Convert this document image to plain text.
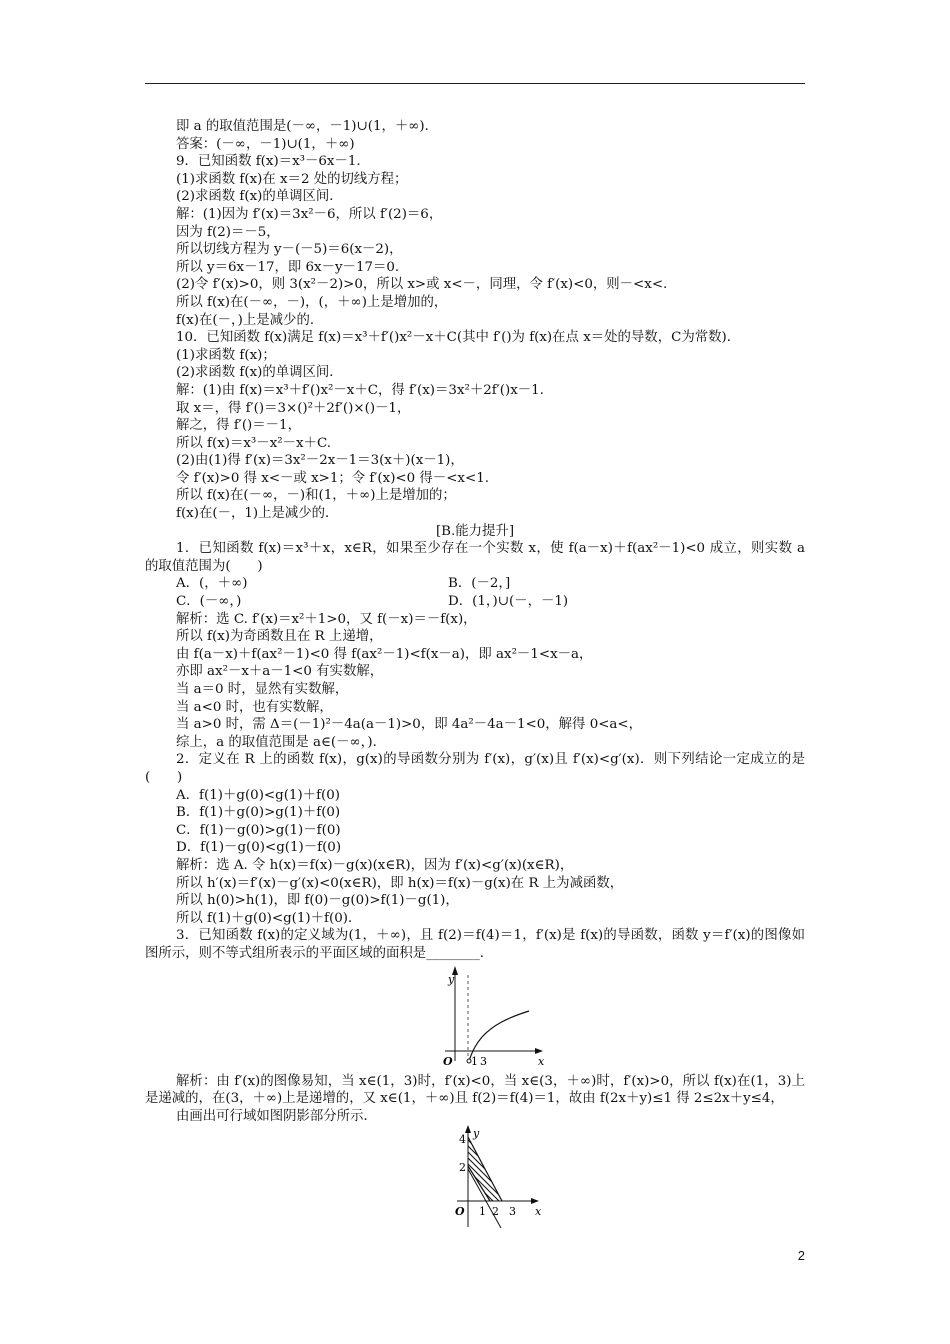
即 a 的取值范围是(－∞，－1)∪(1，＋∞)．
答案：(－∞，－1)∪(1，＋∞)
9．已知函数 f(x)＝x³－6x－1.
(1)求函数 f(x)在 x＝2 处的切线方程；
(2)求函数 f(x)的单调区间．
解：(1)因为 f′(x)＝3x²－6，所以 f′(2)＝6，
因为 f(2)＝－5，
所以切线方程为 y－(－5)＝6(x－2)，
所以 y＝6x－17，即 6x－y－17＝0.
(2)令 f′(x)>0，则 3(x²－2)>0，所以 x>或 x<－，同理，令 f′(x)<0，则－<x<.
所以 f(x)在(－∞，－)，(，＋∞)上是增加的，
f(x)在(－，)上是减少的．
10．已知函数 f(x)满足 f(x)＝x³＋f′()x²－x＋C(其中 f′()为 f(x)在点 x＝处的导数，C为常数)．
(1)求函数 f(x)；
(2)求函数 f(x)的单调区间．
解：(1)由 f(x)＝x³＋f′()x²－x＋C，得 f′(x)＝3x²＋2f′()x－1.
取 x＝，得 f′()＝3×()²＋2f′()×()－1，
解之，得 f′()＝－1，
所以 f(x)＝x³－x²－x＋C.
(2)由(1)得 f′(x)＝3x²－2x－1＝3(x＋)(x－1)，
令 f′(x)>0 得 x<－或 x>1；令 f′(x)<0 得－<x<1.
所以 f(x)在(－∞，－)和(1，＋∞)上是增加的；
f(x)在(－，1)上是减少的．
[B.能力提升]
1．已知函数 f(x)＝x³＋x，x∈R，如果至少存在一个实数 x，使 f(a－x)＋f(ax²－1)<0 成立，则实数 a 的取值范围为(　　)
A．(，＋∞)	B．(－2，]
C．(－∞，)	D．(1，)∪(－，－1)
解析：选 C. f′(x)＝x²＋1>0，又 f(－x)＝－f(x)，
所以 f(x)为奇函数且在 R 上递增，
由 f(a－x)＋f(ax²－1)<0 得 f(ax²－1)<f(x－a)，即 ax²－1<x－a，
亦即 ax²－x＋a－1<0 有实数解，
当 a＝0 时，显然有实数解，
当 a<0 时，也有实数解，
当 a>0 时，需 Δ＝(－1)²－4a(a－1)>0，即 4a²－4a－1<0，解得 0<a<，
综上，a 的取值范围是 a∈(－∞，)．
2．定义在 R 上的函数 f(x)，g(x)的导函数分别为 f′(x)，g′(x)且 f′(x)<g′(x)．则下列结论一定成立的是(　　)
A．f(1)＋g(0)<g(1)＋f(0)
B．f(1)＋g(0)>g(1)＋f(0)
C．f(1)－g(0)>g(1)－f(0)
D．f(1)－g(0)<g(1)－f(0)
解析：选 A. 令 h(x)＝f(x)－g(x)(x∈R)，因为 f′(x)<g′(x)(x∈R)，
所以 h′(x)＝f′(x)－g′(x)<0(x∈R)，即 h(x)＝f(x)－g(x)在 R 上为减函数，
所以 h(0)>h(1)，即 f(0)－g(0)>f(1)－g(1)，
所以 f(1)＋g(0)<g(1)＋f(0)．
3．已知函数 f(x)的定义域为(1，＋∞)，且 f(2)＝f(4)＝1，f′(x)是 f(x)的导函数，函数 y＝f′(x)的图像如图所示，则不等式组所表示的平面区域的面积是________．
y
x
O 1 3
解析：由 f′(x)的图像易知，当 x∈(1，3)时，f′(x)<0，当 x∈(3，＋∞)时，f′(x)>0，所以 f(x)在(1，3)上是递减的，在(3，＋∞)上是递增的，又 x∈(1，＋∞)且 f(2)＝f(4)＝1，故由 f(2x＋y)≤1 得 2≤2x＋y≤4，
由画出可行域如图阴影部分所示．
y
x
O
4
2
1 2 3
2
